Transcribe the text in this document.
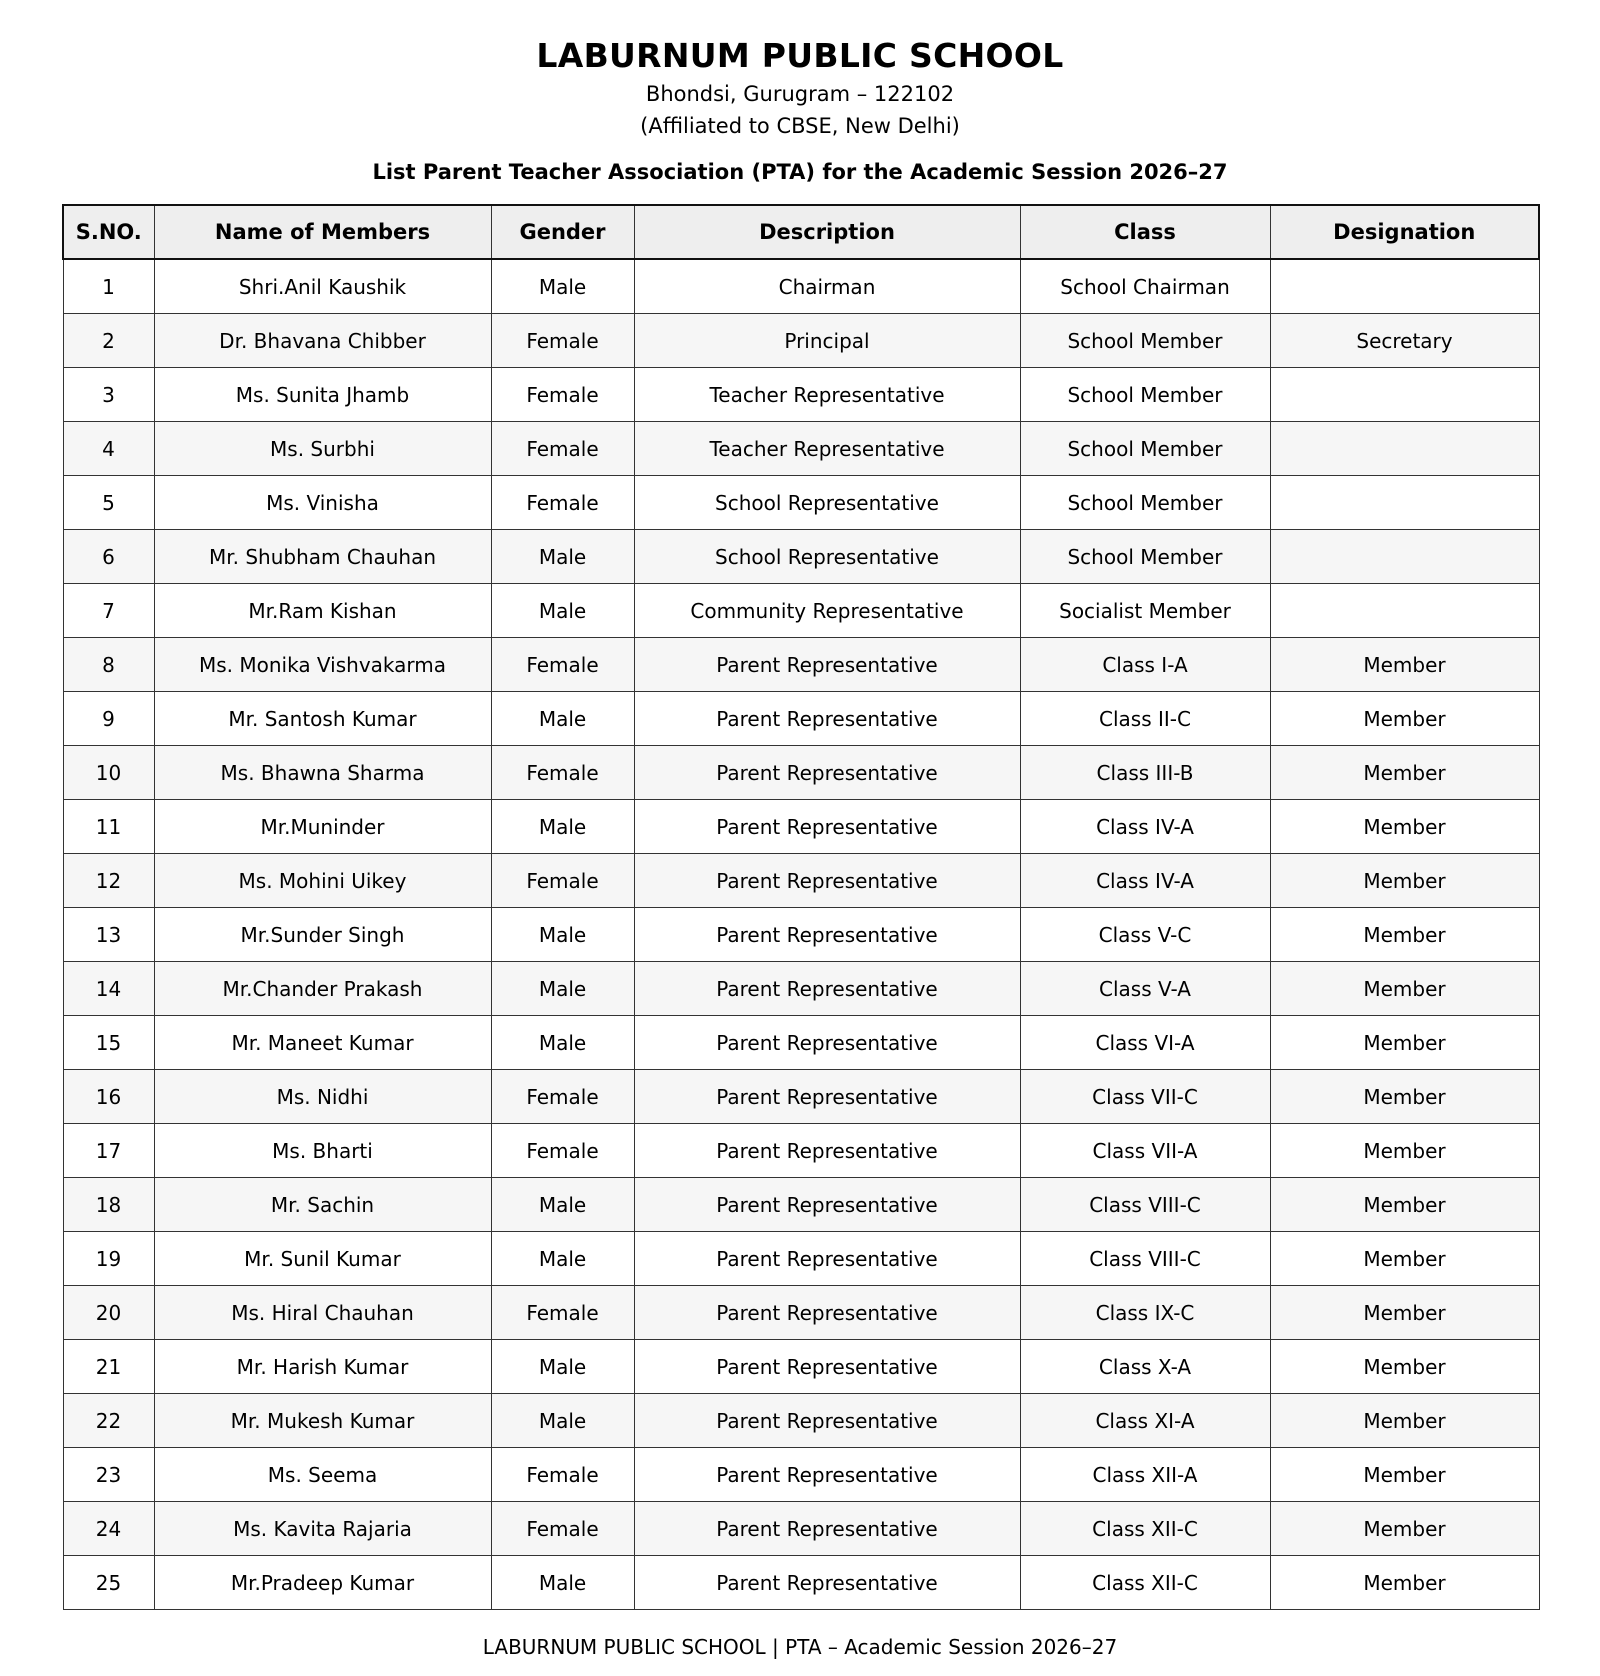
LABURNUM PUBLIC SCHOOL
Bhondsi, Gurugram – 122102
(Affiliated to CBSE, New Delhi)
List Parent Teacher Association (PTA) for the Academic Session 2026–27
S.NO.	Name of Members	Gender	Description	Class	Designation
1	Shri.Anil Kaushik	Male	Chairman	School Chairman	
2	Dr. Bhavana Chibber	Female	Principal	School Member	Secretary
3	Ms. Sunita Jhamb	Female	Teacher Representative	School Member	
4	Ms. Surbhi	Female	Teacher Representative	School Member	
5	Ms. Vinisha	Female	School Representative	School Member	
6	Mr. Shubham Chauhan	Male	School Representative	School Member	
7	Mr.Ram Kishan	Male	Community Representative	Socialist Member	
8	Ms. Monika Vishvakarma	Female	Parent Representative	Class I-A	Member
9	Mr. Santosh Kumar	Male	Parent Representative	Class II-C	Member
10	Ms. Bhawna Sharma	Female	Parent Representative	Class III-B	Member
11	Mr.Muninder	Male	Parent Representative	Class IV-A	Member
12	Ms. Mohini Uikey	Female	Parent Representative	Class IV-A	Member
13	Mr.Sunder Singh	Male	Parent Representative	Class V-C	Member
14	Mr.Chander Prakash	Male	Parent Representative	Class V-A	Member
15	Mr. Maneet Kumar	Male	Parent Representative	Class VI-A	Member
16	Ms. Nidhi	Female	Parent Representative	Class VII-C	Member
17	Ms. Bharti	Female	Parent Representative	Class VII-A	Member
18	Mr. Sachin	Male	Parent Representative	Class VIII-C	Member
19	Mr. Sunil Kumar	Male	Parent Representative	Class VIII-C	Member
20	Ms. Hiral Chauhan	Female	Parent Representative	Class IX-C	Member
21	Mr. Harish Kumar	Male	Parent Representative	Class X-A	Member
22	Mr. Mukesh Kumar	Male	Parent Representative	Class XI-A	Member
23	Ms. Seema	Female	Parent Representative	Class XII-A	Member
24	Ms. Kavita Rajaria	Female	Parent Representative	Class XII-C	Member
25	Mr.Pradeep Kumar	Male	Parent Representative	Class XII-C	Member
LABURNUM PUBLIC SCHOOL | PTA – Academic Session 2026–27
